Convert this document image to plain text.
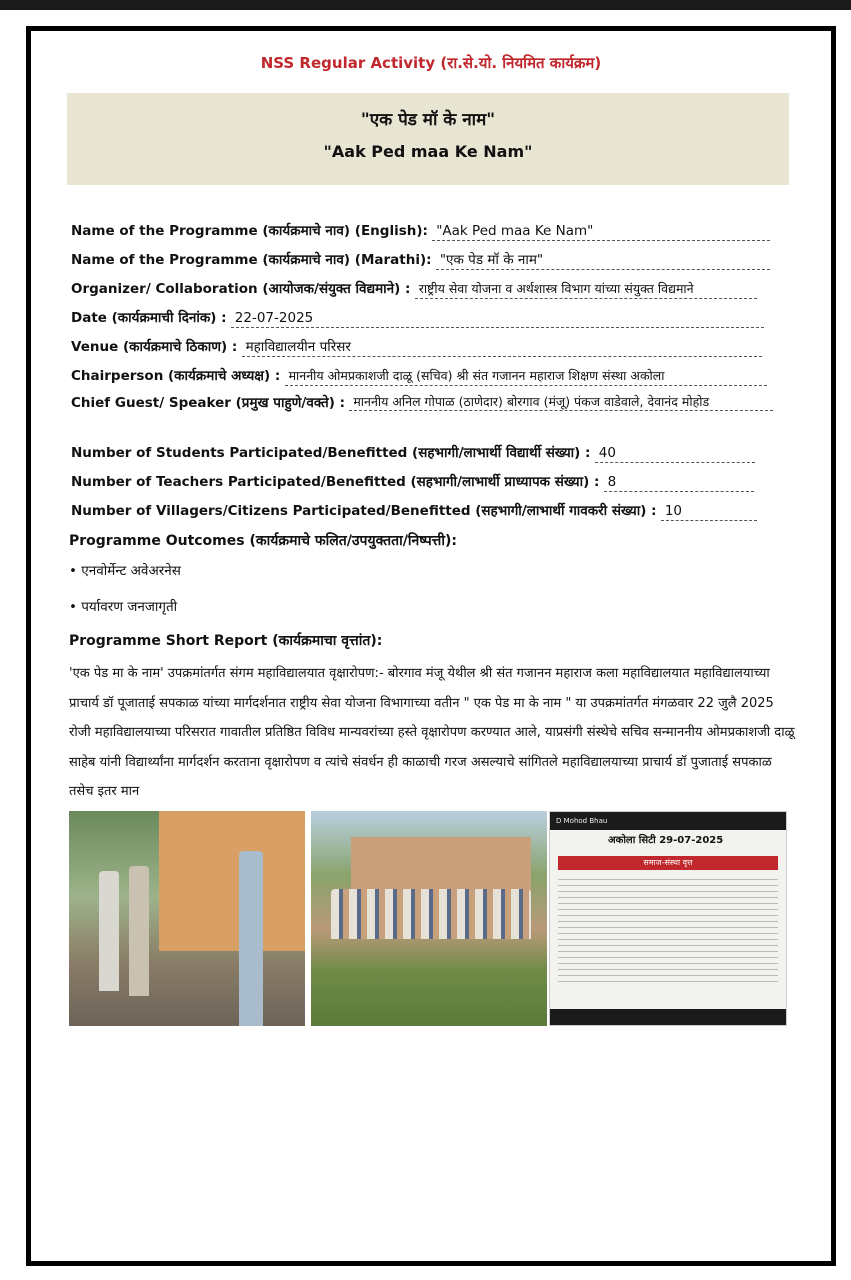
NSS Regular Activity (रा.से.यो. नियमित कार्यक्रम)
"एक पेड मॉ के नाम"
"Aak Ped maa Ke Nam"
Name of the Programme (कार्यक्रमाचे नाव) (English): "Aak Ped maa Ke Nam"
Name of the Programme (कार्यक्रमाचे नाव) (Marathi): "एक पेड मॉ के नाम"
Organizer/ Collaboration (आयोजक/संयुक्त विद्यमाने) : राष्ट्रीय सेवा योजना व अर्थशास्त्र विभाग यांच्या संयुक्त विद्यमाने
Date (कार्यक्रमाची दिनांक) : 22-07-2025
Venue (कार्यक्रमाचे ठिकाण) : महाविद्यालयीन परिसर
Chairperson (कार्यक्रमाचे अध्यक्ष) : माननीय ओमप्रकाशजी दाळू (सचिव) श्री संत गजानन महाराज शिक्षण संस्था अकोला
Chief Guest/ Speaker (प्रमुख पाहुणे/वक्ते) : माननीय अनिल गोपाळ (ठाणेदार) बोरगाव (मंजू) पंकज वाडेवाले, देवानंद मोहोड
Number of Students Participated/Benefitted (सहभागी/लाभार्थी विद्यार्थी संख्या) : 40
Number of Teachers Participated/Benefitted (सहभागी/लाभार्थी प्राध्यापक संख्या) : 8
Number of Villagers/Citizens Participated/Benefitted (सहभागी/लाभार्थी गावकरी संख्या) : 10
Programme Outcomes (कार्यक्रमाचे फलित/उपयुक्तता/निष्पत्ती):
• एनवोर्मेन्ट अवेअरनेस
• पर्यावरण जनजागृती
Programme Short Report (कार्यक्रमाचा वृत्तांत):
'एक पेड मा के नाम' उपक्रमांतर्गत संगम महाविद्यालयात वृक्षारोपण:- बोरगाव मंजू येथील श्री संत गजानन महाराज कला महाविद्यालयात महाविद्यालयाच्या प्राचार्य डॉ पूजाताई सपकाळ यांच्या मार्गदर्शनात राष्ट्रीय सेवा योजना विभागाच्या वतीन " एक पेड मा के नाम " या उपक्रमांतर्गत मंगळवार 22 जुलै 2025 रोजी महाविद्यालयाच्या परिसरात गावातील प्रतिष्ठित विविध मान्यवरांच्या हस्ते वृक्षारोपण करण्यात आले, याप्रसंगी संस्थेचे सचिव सन्माननीय ओमप्रकाशजी दाळू साहेब यांनी विद्यार्थ्यांना मार्गदर्शन करताना वृक्षारोपण व त्यांचे संवर्धन ही काळाची गरज असल्याचे सांगितले महाविद्यालयाच्या प्राचार्य डॉ पुजाताई सपकाळ तसेच इतर मान
D Mohod Bhau
अकोला सिटी 29-07-2025
समाज-संस्था वृत्त
